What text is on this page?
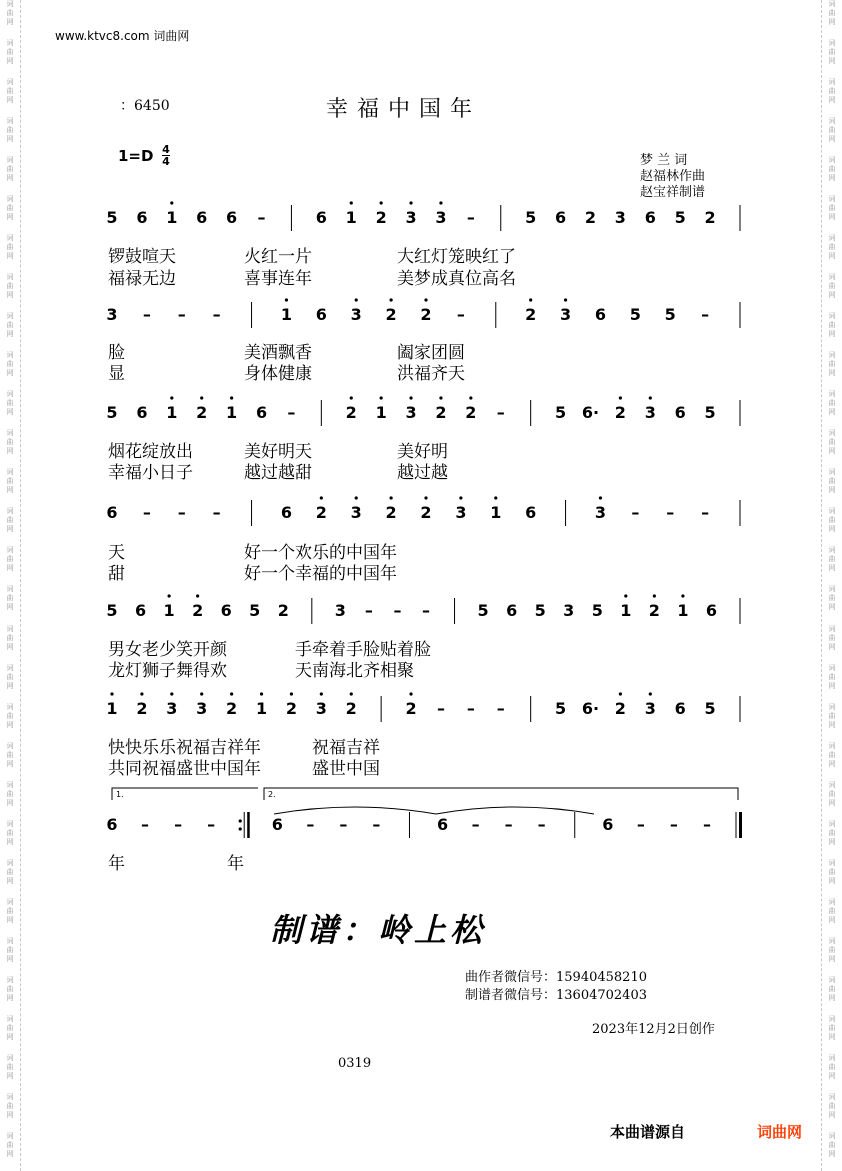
词
曲
网
词
曲
网
词
曲
网
词
曲
网
词
曲
网
词
曲
网
词
曲
网
词
曲
网
词
曲
网
词
曲
网
词
曲
网
词
曲
网
词
曲
网
词
曲
网
词
曲
网
词
曲
网
词
曲
网
词
曲
网
词
曲
网
词
曲
网
词
曲
网
词
曲
网
词
曲
网
词
曲
网
词
曲
网
词
曲
网
词
曲
网
词
曲
网
词
曲
网
词
曲
网
词
曲
网
词
曲
网
词
曲
网
词
曲
网
词
曲
网
词
曲
网
词
曲
网
词
曲
网
词
曲
网
词
曲
网
词
曲
网
词
曲
网
词
曲
网
词
曲
网
词
曲
网
词
曲
网
词
曲
网
词
曲
网
词
曲
网
词
曲
网
词
曲
网
词
曲
网
词
曲
网
词
曲
网
词
曲
网
词
曲
网
词
曲
网
词
曲
网
词
曲
网
词
曲
网
www.ktvc8.com 词曲网
：6450	幸福中国年
1=D 4
4	梦 兰 词
赵福林作曲
赵宝祥制谱
5 6 1 6 6 –	6 1 2 3 3 –	5 6 2 3 6 5 2
3 – – –	1 6 3 2 2 –	2 3 6 5 5 –
5 6 1 2 1 6 –	2 1 3 2 2 –	5 6· 2 3 6 5
6 – – –	6 2 3 2 2 3 1 6	3 – – –
5 6 1 2 6 5 2	3 – – –	5 6 5 3 5 1 2 1 6
1 2 3 3 2 1 2 3 2	2 – – –	5 6· 2 3 6 5
6 – – –	6 – – –	6 – – –	6 – – –
1.	2.
锣鼓喧天　　　　火红一片　　　　　大红灯笼映红了
福禄无边　　　　喜事连年　　　　　美梦成真位高名
脸　　　　　　　美酒飘香　　　　　阖家团圆
显　　　　　　　身体健康　　　　　洪福齐天
烟花绽放出　　　美好明天　　　　　美好明
幸福小日子　　　越过越甜　　　　　越过越
天　　　　　　　好一个欢乐的中国年
甜　　　　　　　好一个幸福的中国年
男女老少笑开颜　　　　手牵着手脸贴着脸
龙灯狮子舞得欢　　　　天南海北齐相聚
快快乐乐祝福吉祥年　　　祝福吉祥
共同祝福盛世中国年　　　盛世中国
年　　　　　　年
制谱：岭上松
曲作者微信号：15940458210
制谱者微信号：13604702403
2023年12月2日创作
0319
本曲谱源自	词曲网
